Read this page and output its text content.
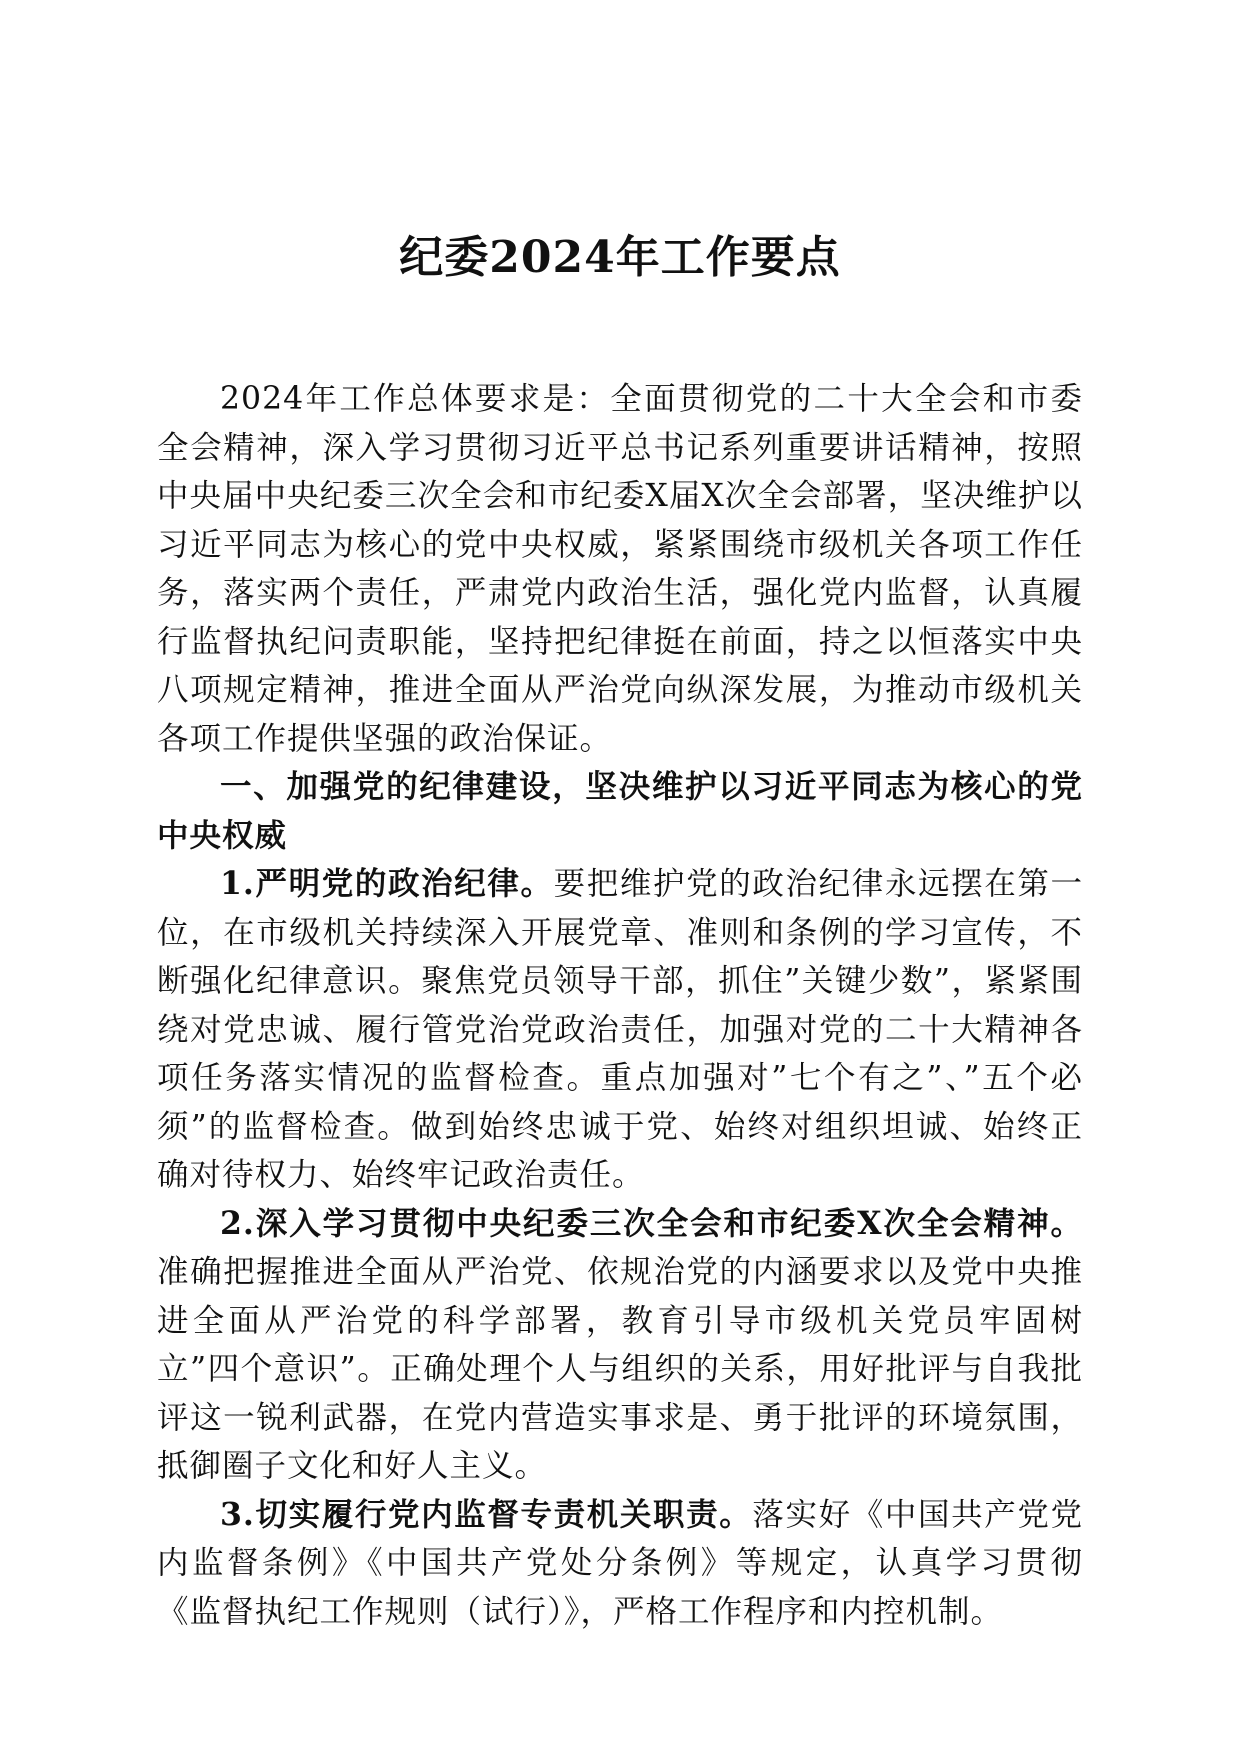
纪委2024年工作要点

2024年工作总体要求是：全面贯彻党的二十大全会和市委全会精神，深入学习贯彻习近平总书记系列重要讲话精神，按照中央届中央纪委三次全会和市纪委X届X次全会部署，坚决维护以习近平同志为核心的党中央权威，紧紧围绕市级机关各项工作任务，落实两个责任，严肃党内政治生活，强化党内监督，认真履行监督执纪问责职能，坚持把纪律挺在前面，持之以恒落实中央八项规定精神，推进全面从严治党向纵深发展，为推动市级机关各项工作提供坚强的政治保证。

一、加强党的纪律建设，坚决维护以习近平同志为核心的党中央权威

1.严明党的政治纪律。要把维护党的政治纪律永远摆在第一位，在市级机关持续深入开展党章、准则和条例的学习宣传，不断强化纪律意识。聚焦党员领导干部，抓住”关键少数”，紧紧围绕对党忠诚、履行管党治党政治责任，加强对党的二十大精神各项任务落实情况的监督检查。重点加强对”七个有之”、”五个必须”的监督检查。做到始终忠诚于党、始终对组织坦诚、始终正确对待权力、始终牢记政治责任。

2.深入学习贯彻中央纪委三次全会和市纪委X次全会精神。准确把握推进全面从严治党、依规治党的内涵要求以及党中央推进全面从严治党的科学部署，教育引导市级机关党员牢固树立”四个意识”。正确处理个人与组织的关系，用好批评与自我批评这一锐利武器，在党内营造实事求是、勇于批评的环境氛围，抵御圈子文化和好人主义。

3.切实履行党内监督专责机关职责。落实好《中国共产党党内监督条例》《中国共产党处分条例》等规定，认真学习贯彻《监督执纪工作规则（试行）》，严格工作程序和内控机制。
